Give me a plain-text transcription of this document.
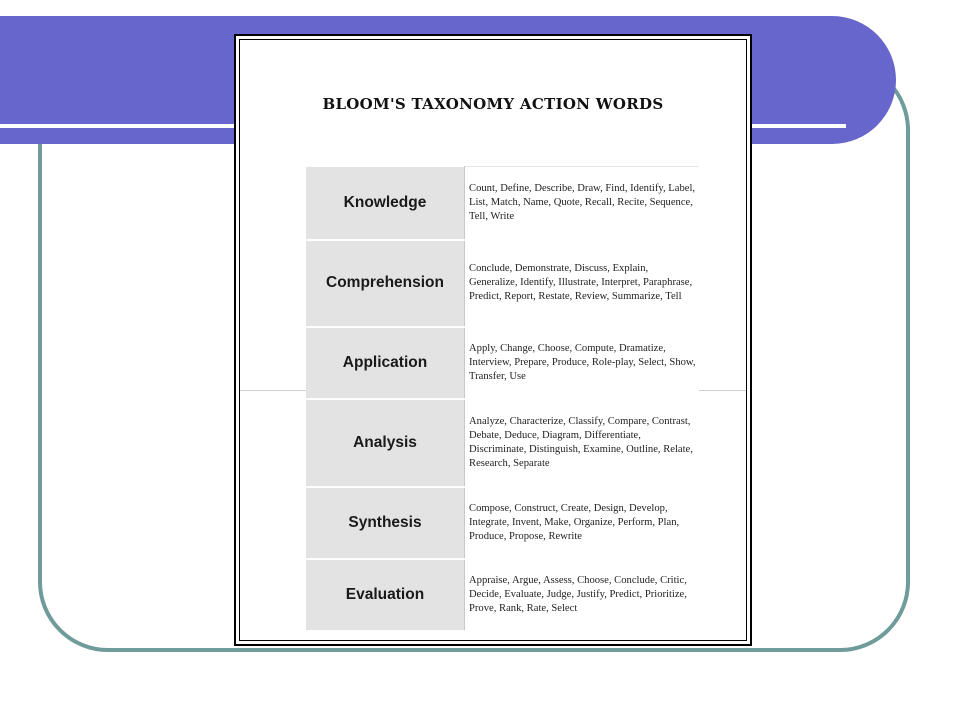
BLOOM'S TAXONOMY ACTION WORDS
Knowledge	Count, Define, Describe, Draw, Find, Identify, Label, List, Match, Name, Quote, Recall, Recite, Sequence, Tell, Write
Comprehension	Conclude, Demonstrate, Discuss, Explain, Generalize, Identify, Illustrate, Interpret, Paraphrase, Predict, Report, Restate, Review, Summarize, Tell
Application	Apply, Change, Choose, Compute, Dramatize, Interview, Prepare, Produce, Role-play, Select, Show, Transfer, Use
Analysis	Analyze, Characterize, Classify, Compare, Contrast, Debate, Deduce, Diagram, Differentiate, Discriminate, Distinguish, Examine, Outline, Relate, Research, Separate
Synthesis	Compose, Construct, Create, Design, Develop, Integrate, Invent, Make, Organize, Perform, Plan, Produce, Propose, Rewrite
Evaluation	Appraise, Argue, Assess, Choose, Conclude, Critic, Decide, Evaluate, Judge, Justify, Predict, Prioritize, Prove, Rank, Rate, Select
